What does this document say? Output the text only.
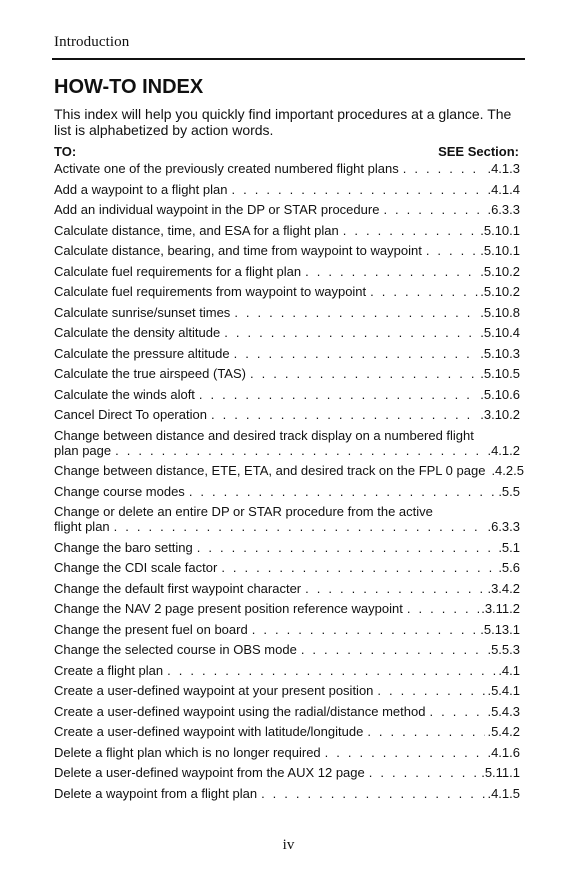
Introduction
HOW-TO INDEX

This index will help you quickly find important procedures at a glance. The list is alphabetized by action words.

TO:	SEE Section:
Activate one of the previously created numbered flight plans . . .	.4.1.3
Add a waypoint to a flight plan . . .	.4.1.4
Add an individual waypoint in the DP or STAR procedure . . .	.6.3.3
Calculate distance, time, and ESA for a flight plan . . .	.5.10.1
Calculate distance, bearing, and time from waypoint to waypoint . . .	.5.10.1
Calculate fuel requirements for a flight plan . . .	.5.10.2
Calculate fuel requirements from waypoint to waypoint . . .	.5.10.2
Calculate sunrise/sunset times . . .	.5.10.8
Calculate the density altitude . . .	.5.10.4
Calculate the pressure altitude . . .	.5.10.3
Calculate the true airspeed (TAS) . . .	.5.10.5
Calculate the winds aloft . . .	.5.10.6
Cancel Direct To operation . . .	.3.10.2
Change between distance and desired track display on a numbered flight
plan page . . .	.4.1.2
Change between distance, ETE, ETA, and desired track on the FPL 0 page .4.2.5
Change course modes . . .	.5.5
Change or delete an entire DP or STAR procedure from the active
flight plan . . .	.6.3.3
Change the baro setting . . .	.5.1
Change the CDI scale factor . . .	.5.6
Change the default first waypoint character . . .	.3.4.2
Change the NAV 2 page present position reference waypoint . . .	.3.11.2
Change the present fuel on board . . .	.5.13.1
Change the selected course in OBS mode . . .	.5.5.3
Create a flight plan . . .	.4.1
Create a user-defined waypoint at your present position . . .	.5.4.1
Create a user-defined waypoint using the radial/distance method . . .	.5.4.3
Create a user-defined waypoint with latitude/longitude . . .	.5.4.2
Delete a flight plan which is no longer required . . .	.4.1.6
Delete a user-defined waypoint from the AUX 12 page . . .	.5.11.1
Delete a waypoint from a flight plan . . .	.4.1.5
iv
